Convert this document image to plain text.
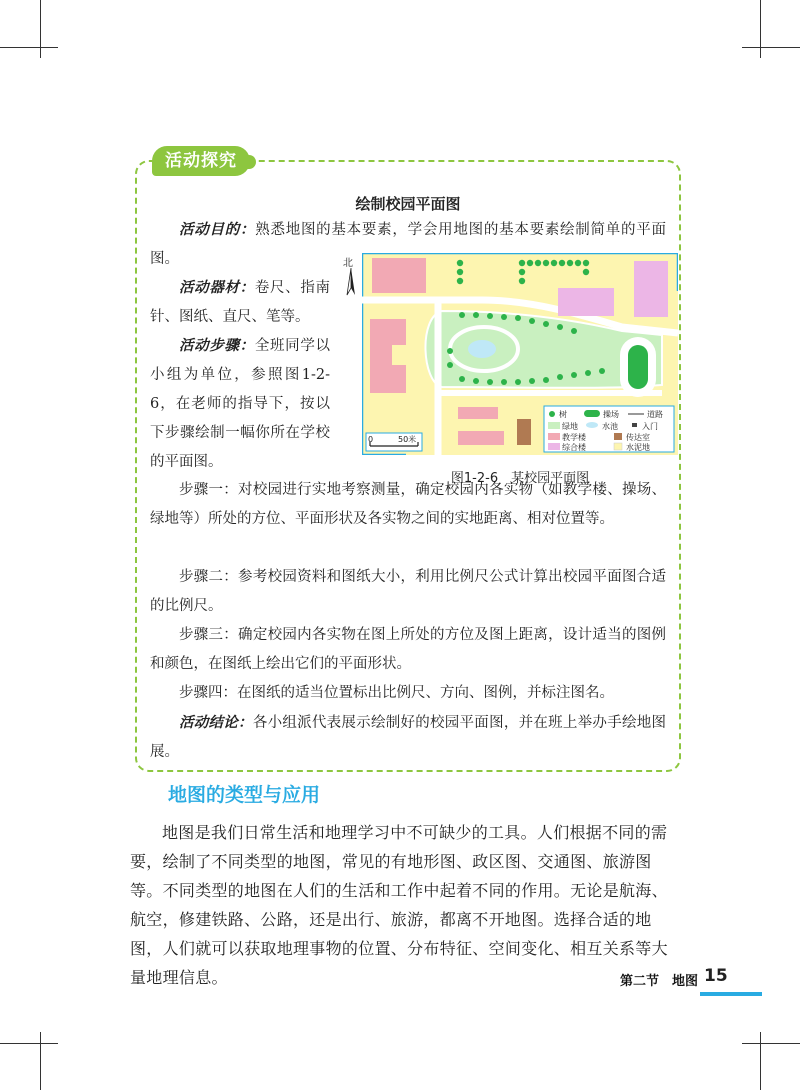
活动探究
绘制校园平面图
活动目的：熟悉地图的基本要素，学会用地图的基本要素绘制简单的平面图。
活动器材：卷尺、指南针、图纸、直尺、笔等。
活动步骤：全班同学以小组为单位，参照图1-2-6，在老师的指导下，按以下步骤绘制一幅你所在学校的平面图。
步骤一：对校园进行实地考察测量，确定校园内各实物（如教学楼、操场、绿地等）所处的方位、平面形状及各实物之间的实地距离、相对位置等。
北
0	50米
树	操场	道路
绿地	水池	入门
教学楼	传达室
综合楼	水泥地
图1-2-6　某校园平面图
步骤二：参考校园资料和图纸大小，利用比例尺公式计算出校园平面图合适的比例尺。
步骤三：确定校园内各实物在图上所处的方位及图上距离，设计适当的图例和颜色，在图纸上绘出它们的平面形状。
步骤四：在图纸的适当位置标出比例尺、方向、图例，并标注图名。
活动结论：各小组派代表展示绘制好的校园平面图，并在班上举办手绘地图展。
地图的类型与应用
地图是我们日常生活和地理学习中不可缺少的工具。人们根据不同的需要，绘制了不同类型的地图，常见的有地形图、政区图、交通图、旅游图等。不同类型的地图在人们的生活和工作中起着不同的作用。无论是航海、航空，修建铁路、公路，还是出行、旅游，都离不开地图。选择合适的地图，人们就可以获取地理事物的位置、分布特征、空间变化、相互关系等大量地理信息。	第二节　地图 15
